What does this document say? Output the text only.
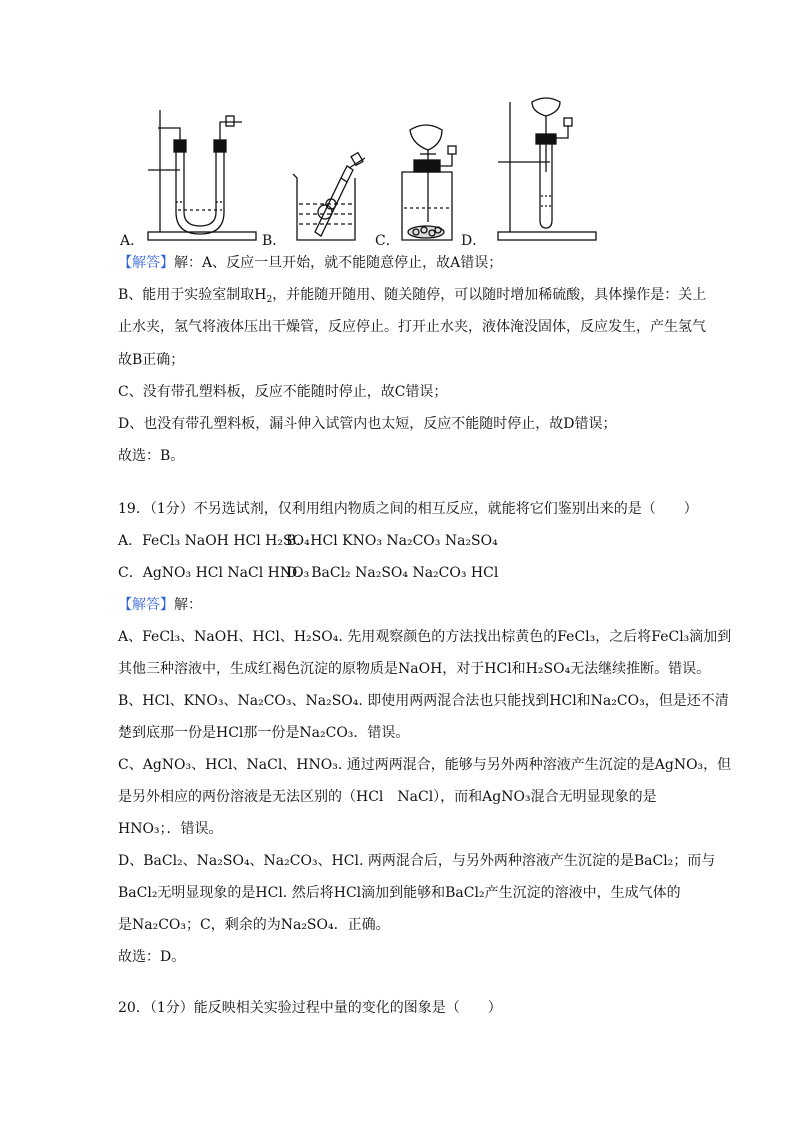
A．	B．	C．	D．
【解答】解：A、反应一旦开始，就不能随意停止，故A错误；
B、能用于实验室制取$H_2$，并能随开随用、随关随停，可以随时增加稀硫酸，具体操作是：关上
止水夹，氢气将液体压出干燥管，反应停止。打开止水夹，液体淹没固体，反应发生，产生氢气
故B正确；
C、没有带孔塑料板，反应不能随时停止，故C错误；
D、也没有带孔塑料板，漏斗伸入试管内也太短，反应不能随时停止，故D错误；
故选：B。
19．（1分）不另选试剂，仅利用组内物质之间的相互反应，就能将它们鉴别出来的是（　　）
A．FeCl₃ NaOH HCl H₂SO₄
B．HCl KNO₃ Na₂CO₃ Na₂SO₄
C．AgNO₃ HCl NaCl HNO₃
D．BaCl₂ Na₂SO₄ Na₂CO₃ HCl
【解答】解：
A、FeCl₃、NaOH、HCl、H₂SO₄. 先用观察颜色的方法找出棕黄色的FeCl₃，之后将FeCl₃滴加到
其他三种溶液中，生成红褐色沉淀的原物质是NaOH，对于HCl和H₂SO₄无法继续推断。错误。
B、HCl、KNO₃、Na₂CO₃、Na₂SO₄. 即使用两两混合法也只能找到HCl和Na₂CO₃，但是还不清
楚到底那一份是HCl那一份是Na₂CO₃．错误。
C、AgNO₃、HCl、NaCl、HNO₃. 通过两两混合，能够与另外两种溶液产生沉淀的是AgNO₃，但
是另外相应的两份溶液是无法区别的（HCl　NaCl），而和AgNO₃混合无明显现象的是
HNO₃；．错误。
D、BaCl₂、Na₂SO₄、Na₂CO₃、HCl. 两两混合后，与另外两种溶液产生沉淀的是BaCl₂；而与
BaCl₂无明显现象的是HCl. 然后将HCl滴加到能够和BaCl₂产生沉淀的溶液中，生成气体的
是Na₂CO₃；C，剩余的为Na₂SO₄．正确。
故选：D。
20．（1分）能反映相关实验过程中量的变化的图象是（　　）
